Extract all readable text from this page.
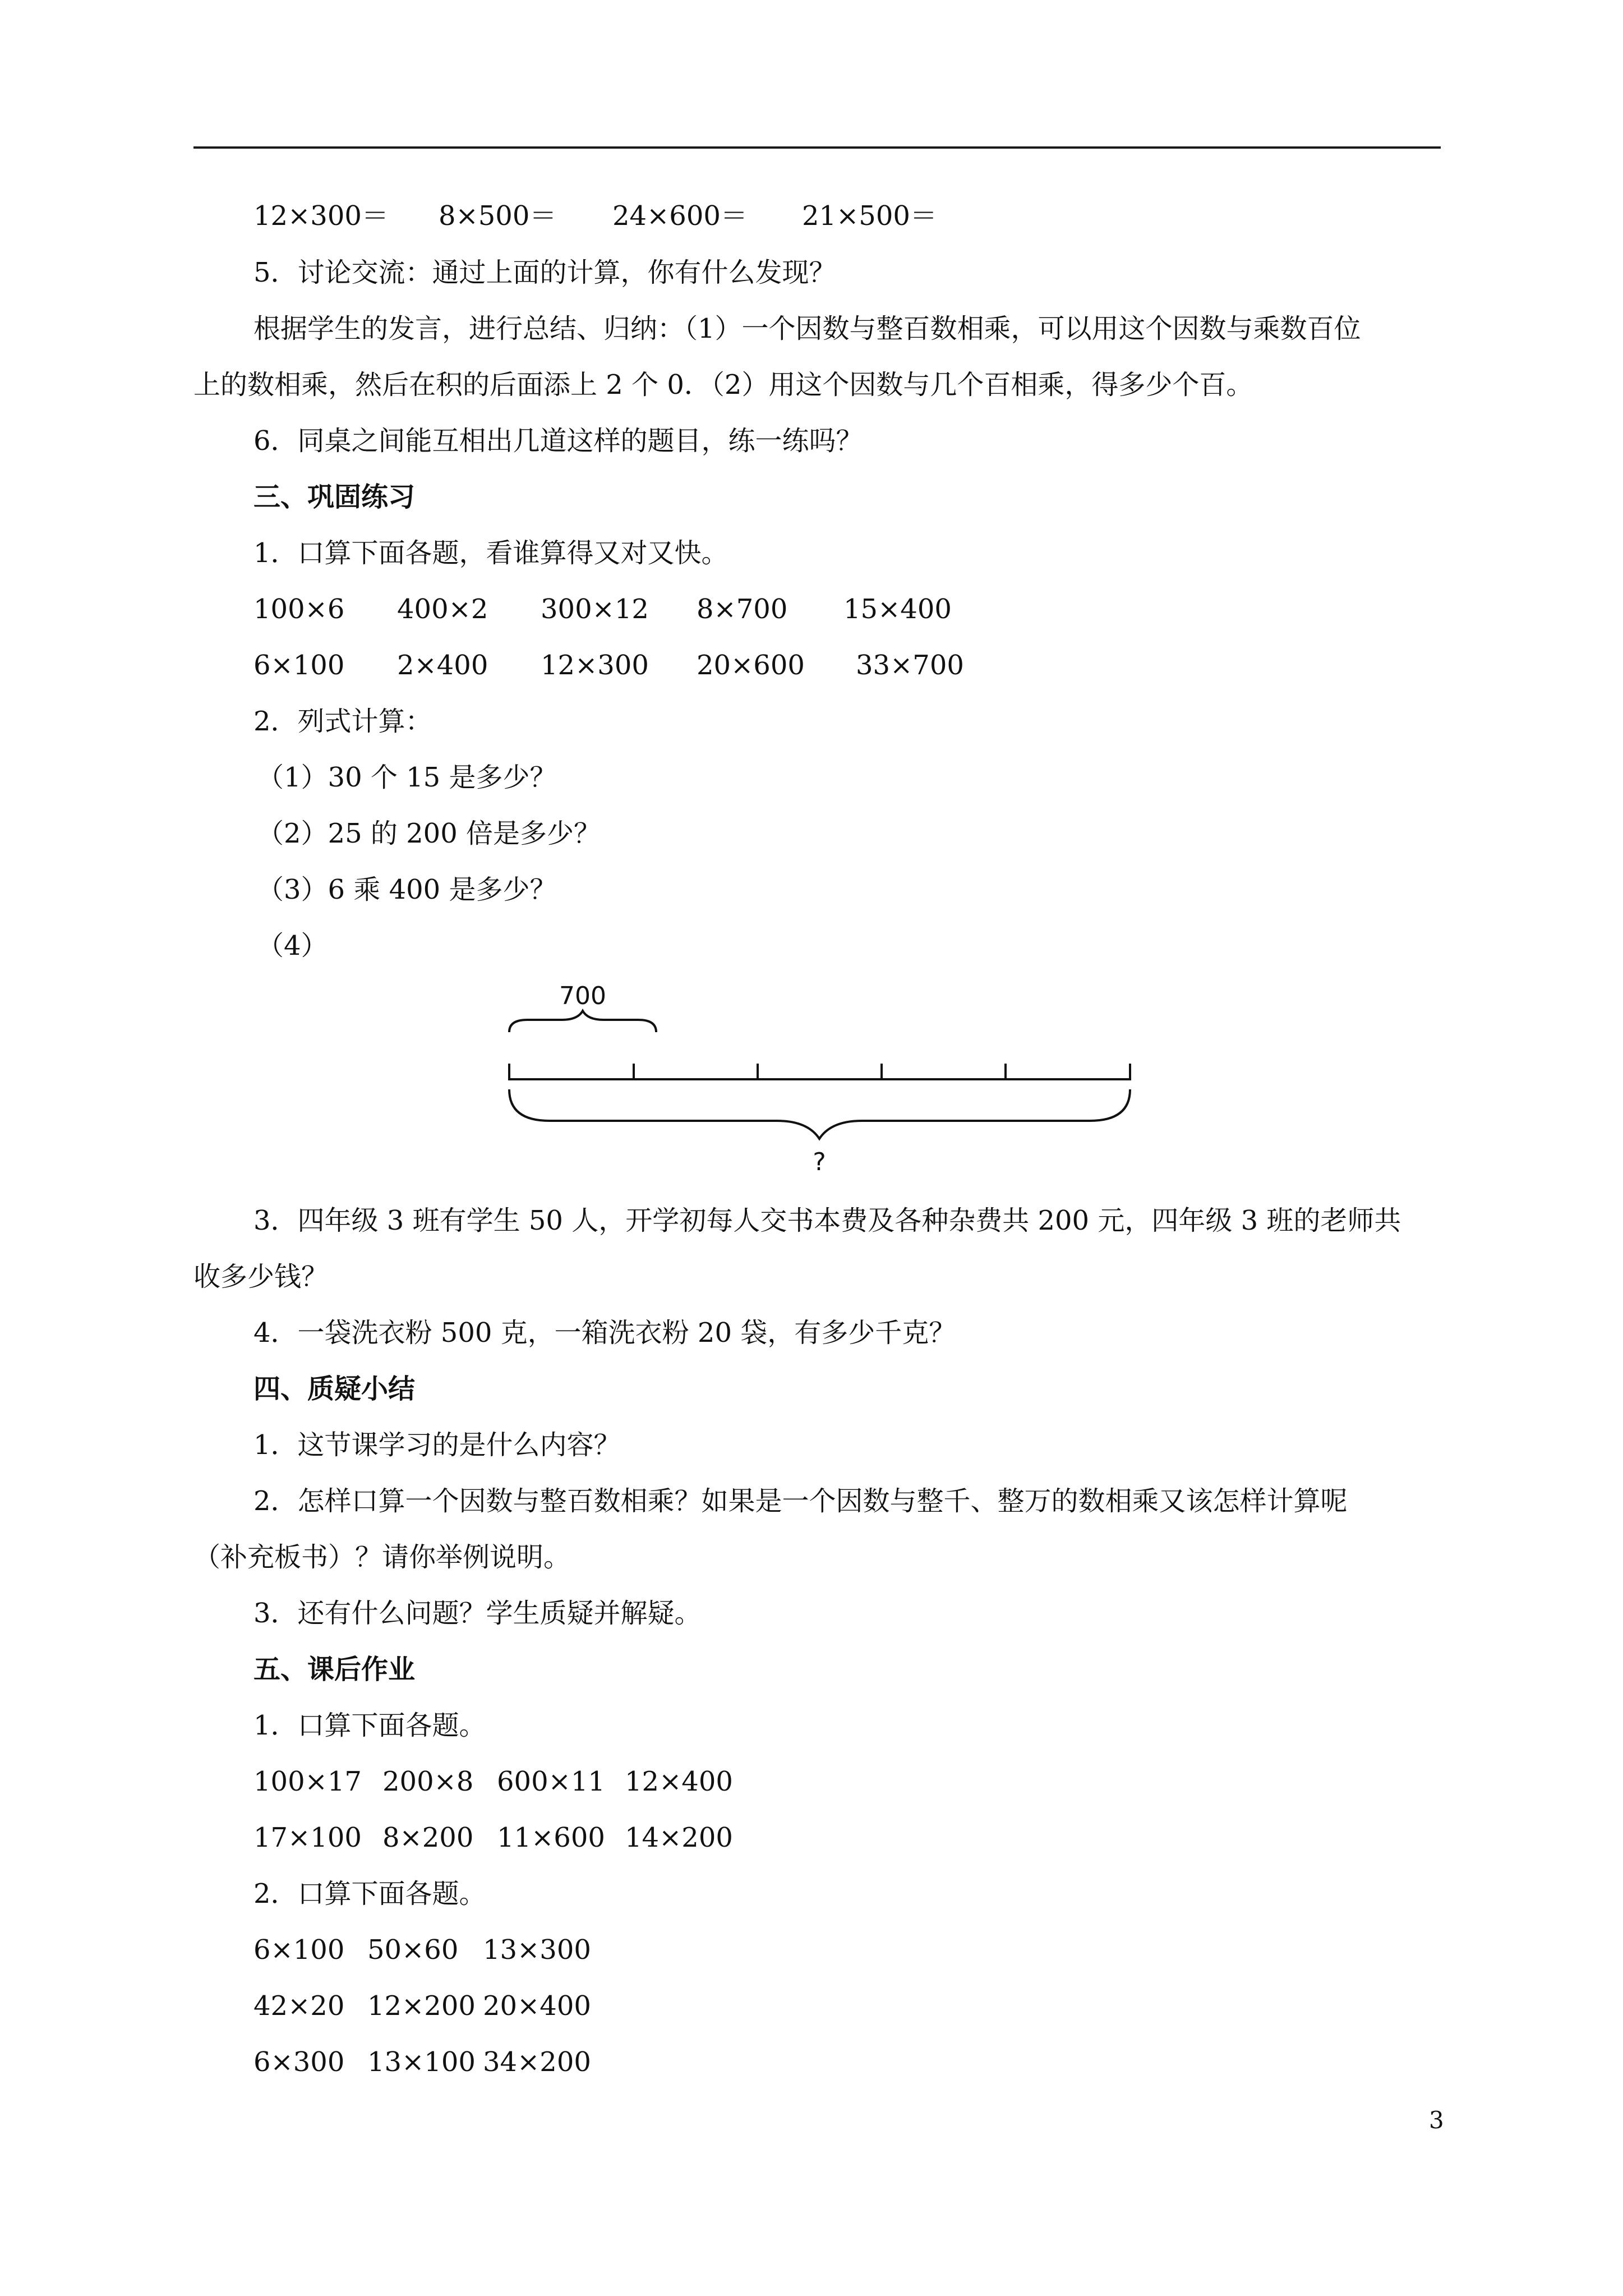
12×300＝ 8×500＝ 24×600＝ 21×500＝
5．讨论交流：通过上面的计算，你有什么发现？
根据学生的发言，进行总结、归纳：（1）一个因数与整百数相乘，可以用这个因数与乘数百位
上的数相乘，然后在积的后面添上 2 个 0．（2）用这个因数与几个百相乘，得多少个百。
6．同桌之间能互相出几道这样的题目，练一练吗？
三、巩固练习
1．口算下面各题，看谁算得又对又快。
100×6 400×2 300×12 8×700 15×400
6×100 2×400 12×300 20×600 33×700
2．列式计算：
（1）30 个 15 是多少？
（2）25 的 200 倍是多少？
（3）6 乘 400 是多少？
（4）
700
?
3．四年级 3 班有学生 50 人，开学初每人交书本费及各种杂费共 200 元，四年级 3 班的老师共
收多少钱？
4．一袋洗衣粉 500 克，一箱洗衣粉 20 袋，有多少千克？
四、质疑小结
1．这节课学习的是什么内容？
2．怎样口算一个因数与整百数相乘？如果是一个因数与整千、整万的数相乘又该怎样计算呢
（补充板书）？请你举例说明。
3．还有什么问题？学生质疑并解疑。
五、课后作业
1．口算下面各题。
100×17 200×8 600×11 12×400
17×100 8×200 11×600 14×200
2．口算下面各题。
6×100 50×60 13×300
42×20 12×200 20×400
6×300 13×100 34×200
3
